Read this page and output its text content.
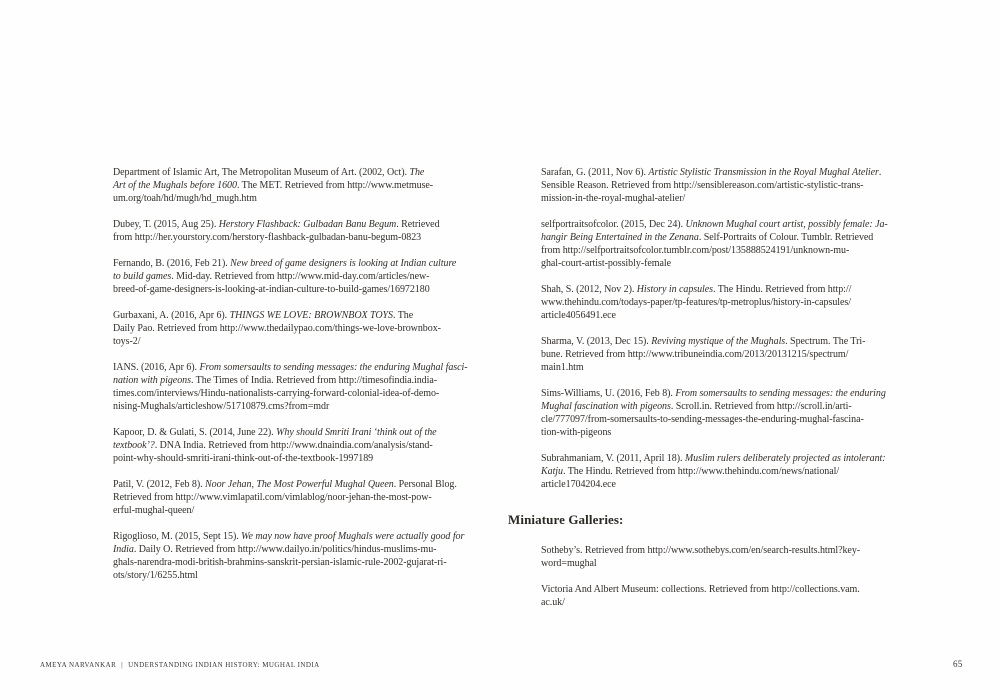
Department of Islamic Art, The Metropolitan Museum of Art. (2002, Oct). The
Art of the Mughals before 1600. The MET. Retrieved from http://www.metmuse-
um.org/toah/hd/mugh/hd_mugh.htm
Dubey, T. (2015, Aug 25). Herstory Flashback: Gulbadan Banu Begum. Retrieved
from http://her.yourstory.com/herstory-flashback-gulbadan-banu-begum-0823
Fernando, B. (2016, Feb 21). New breed of game designers is looking at Indian culture
to build games. Mid-day. Retrieved from http://www.mid-day.com/articles/new-
breed-of-game-designers-is-looking-at-indian-culture-to-build-games/16972180
Gurbaxani, A. (2016, Apr 6). THINGS WE LOVE: BROWNBOX TOYS. The
Daily Pao. Retrieved from http://www.thedailypao.com/things-we-love-brownbox-
toys-2/
IANS. (2016, Apr 6). From somersaults to sending messages: the enduring Mughal fasci-
nation with pigeons. The Times of India. Retrieved from http://timesofindia.india-
times.com/interviews/Hindu-nationalists-carrying-forward-colonial-idea-of-demo-
nising-Mughals/articleshow/51710879.cms?from=mdr
Kapoor, D. & Gulati, S. (2014, June 22). Why should Smriti Irani ‘think out of the
textbook’?. DNA India. Retrieved from http://www.dnaindia.com/analysis/stand-
point-why-should-smriti-irani-think-out-of-the-textbook-1997189
Patil, V. (2012, Feb 8). Noor Jehan, The Most Powerful Mughal Queen. Personal Blog.
Retrieved from http://www.vimlapatil.com/vimlablog/noor-jehan-the-most-pow-
erful-mughal-queen/
Rigoglioso, M. (2015, Sept 15). We may now have proof Mughals were actually good for
India. Daily O. Retrieved from http://www.dailyo.in/politics/hindus-muslims-mu-
ghals-narendra-modi-british-brahmins-sanskrit-persian-islamic-rule-2002-gujarat-ri-
ots/story/1/6255.html
Sarafan, G. (2011, Nov 6). Artistic Stylistic Transmission in the Royal Mughal Atelier.
Sensible Reason. Retrieved from http://sensiblereason.com/artistic-stylistic-trans-
mission-in-the-royal-mughal-atelier/
selfportraitsofcolor. (2015, Dec 24). Unknown Mughal court artist, possibly female: Ja-
hangir Being Entertained in the Zenana. Self-Portraits of Colour. Tumblr. Retrieved
from http://selfportraitsofcolor.tumblr.com/post/135888524191/unknown-mu-
ghal-court-artist-possibly-female
Shah, S. (2012, Nov 2). History in capsules. The Hindu. Retrieved from http://
www.thehindu.com/todays-paper/tp-features/tp-metroplus/history-in-capsules/
article4056491.ece
Sharma, V. (2013, Dec 15). Reviving mystique of the Mughals. Spectrum. The Tri-
bune. Retrieved from http://www.tribuneindia.com/2013/20131215/spectrum/
main1.htm
Sims-Williams, U. (2016, Feb 8). From somersaults to sending messages: the enduring
Mughal fascination with pigeons. Scroll.in. Retrieved from http://scroll.in/arti-
cle/777097/from-somersaults-to-sending-messages-the-enduring-mughal-fascina-
tion-with-pigeons
Subrahmaniam, V. (2011, April 18). Muslim rulers deliberately projected as intolerant:
Katju. The Hindu. Retrieved from http://www.thehindu.com/news/national/
article1704204.ece
Miniature Galleries:
Sotheby’s. Retrieved from http://www.sothebys.com/en/search-results.html?key-
word=mughal
Victoria And Albert Museum: collections. Retrieved from http://collections.vam.
ac.uk/
AMEYA NARVANKAR | UNDERSTANDING INDIAN HISTORY: MUGHAL INDIA	65
